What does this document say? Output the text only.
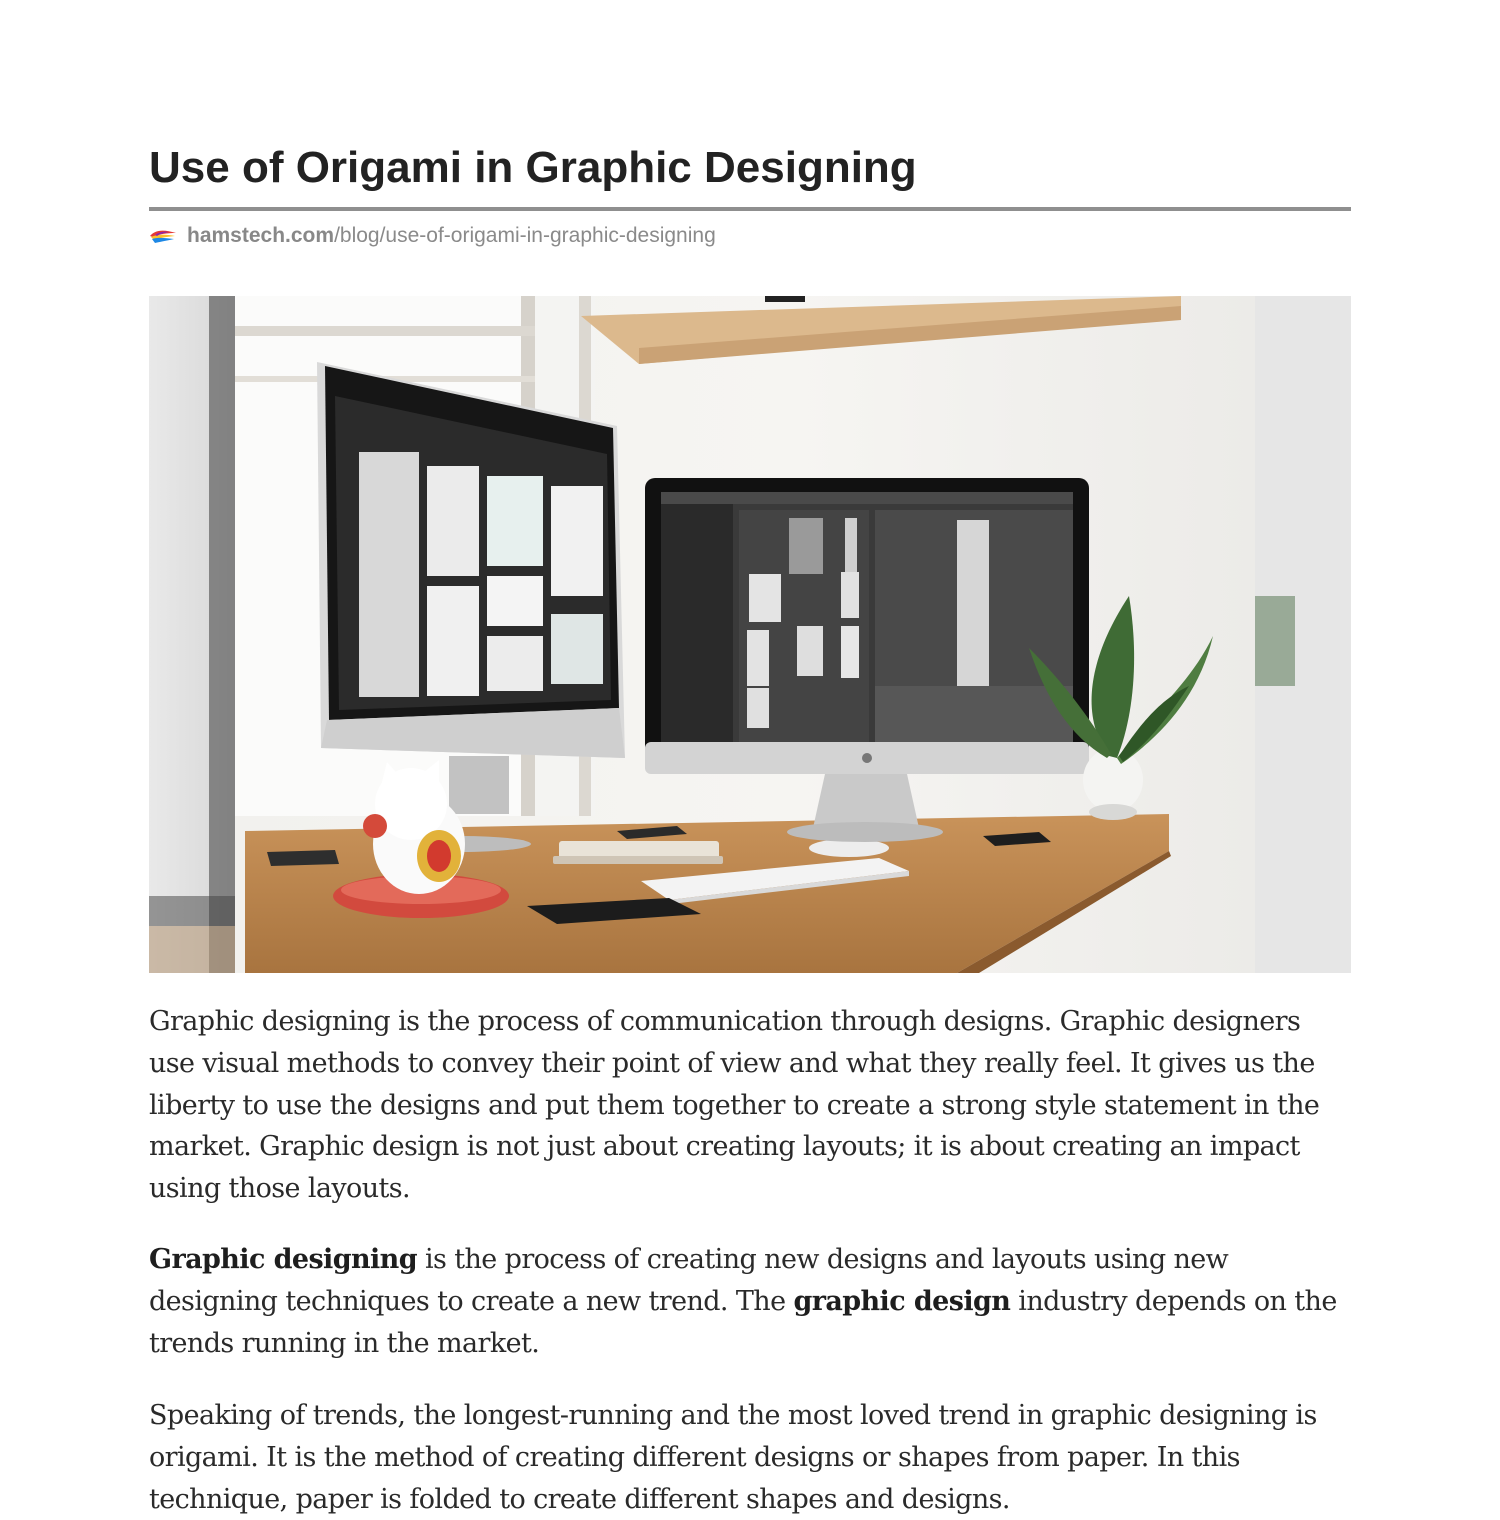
Use of Origami in Graphic Designing
hamstech.com /blog/use-of-origami-in-graphic-designing

Graphic designing is the process of communication through designs. Graphic designers use visual methods to convey their point of view and what they really feel. It gives us the liberty to use the designs and put them together to create a strong style statement in the market. Graphic design is not just about creating layouts; it is about creating an impact using those layouts.

Graphic designing is the process of creating new designs and layouts using new designing techniques to create a new trend. The graphic design industry depends on the trends running in the market.

Speaking of trends, the longest-running and the most loved trend in graphic designing is origami. It is the method of creating different designs or shapes from paper. In this technique, paper is folded to create different shapes and designs.
